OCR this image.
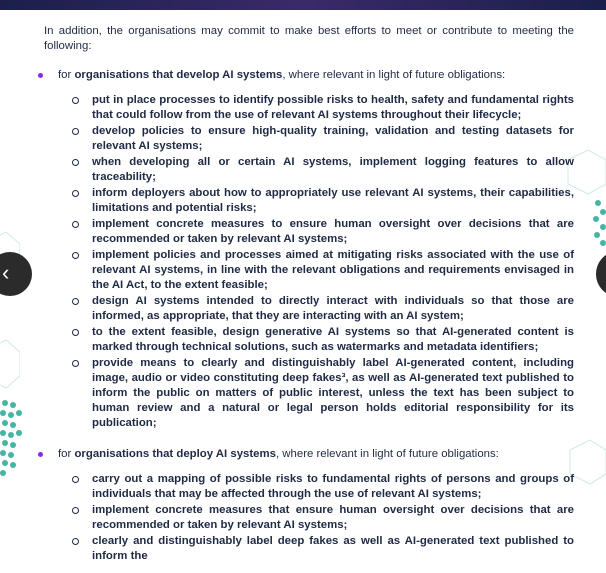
‹

In addition, the organisations may commit to make best efforts to meet or contribute to meeting the following:

for organisations that develop AI systems, where relevant in light of future obligations:
put in place processes to identify possible risks to health, safety and fundamental rights that could follow from the use of relevant AI systems throughout their lifecycle;
develop policies to ensure high-quality training, validation and testing datasets for relevant AI systems;
when developing all or certain AI systems, implement logging features to allow traceability;
inform deployers about how to appropriately use relevant AI systems, their capabilities, limitations and potential risks;
implement concrete measures to ensure human oversight over decisions that are recommended or taken by relevant AI systems;
implement policies and processes aimed at mitigating risks associated with the use of relevant AI systems, in line with the relevant obligations and requirements envisaged in the AI Act, to the extent feasible;
design AI systems intended to directly interact with individuals so that those are informed, as appropriate, that they are interacting with an AI system;
to the extent feasible, design generative AI systems so that AI-generated content is marked through technical solutions, such as watermarks and metadata identifiers;
provide means to clearly and distinguishably label AI-generated content, including image, audio or video constituting deep fakes³, as well as AI-generated text published to inform the public on matters of public interest, unless the text has been subject to human review and a natural or legal person holds editorial responsibility for its publication;
for organisations that deploy AI systems, where relevant in light of future obligations:
carry out a mapping of possible risks to fundamental rights of persons and groups of individuals that may be affected through the use of relevant AI systems;
implement concrete measures that ensure human oversight over decisions that are recommended or taken by relevant AI systems;
clearly and distinguishably label deep fakes as well as AI-generated text published to inform the
